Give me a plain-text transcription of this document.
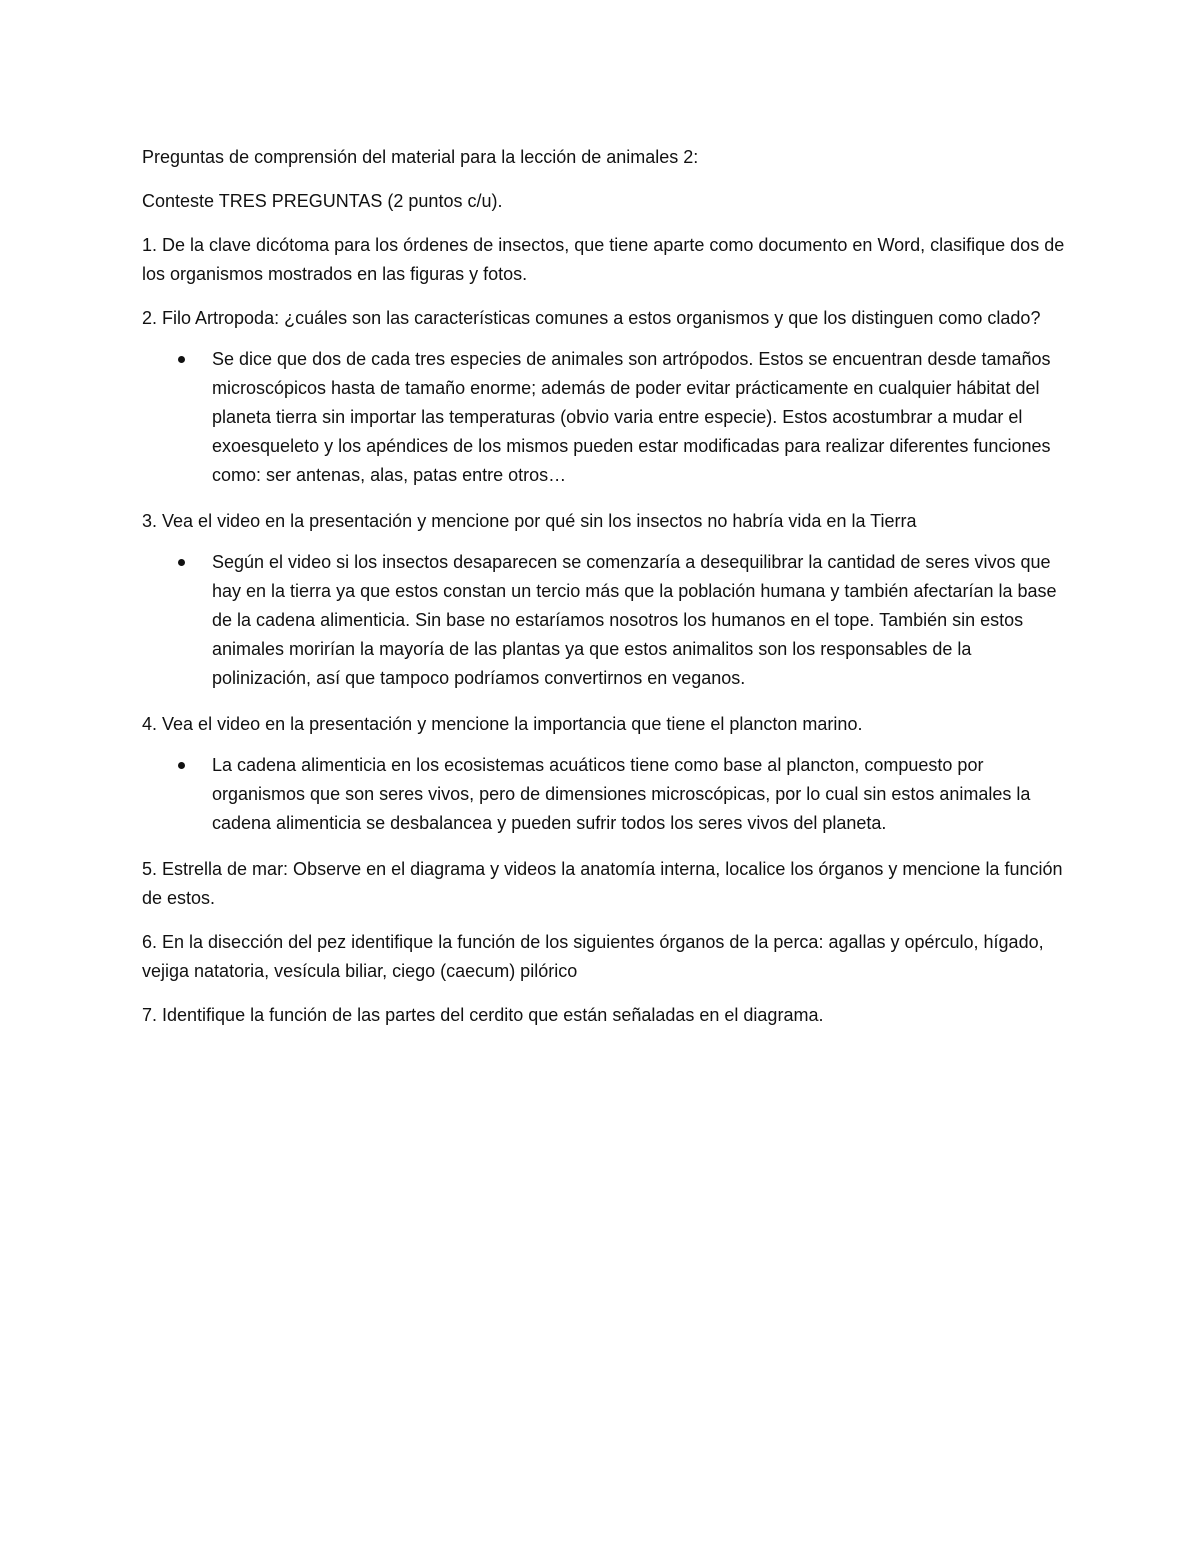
Preguntas de comprensión del material para la lección de animales 2:

Conteste TRES PREGUNTAS (2 puntos c/u).

1. De la clave dicótoma para los órdenes de insectos, que tiene aparte como documento en Word, clasifique dos de los organismos mostrados en las figuras y fotos.

2. Filo Artropoda: ¿cuáles son las características comunes a estos organismos y que los distinguen como clado?

Se dice que dos de cada tres especies de animales son artrópodos. Estos se encuentran desde tamaños microscópicos hasta de tamaño enorme; además de poder evitar prácticamente en cualquier hábitat del planeta tierra sin importar las temperaturas (obvio varia entre especie). Estos acostumbrar a mudar el exoesqueleto y los apéndices de los mismos pueden estar modificadas para realizar diferentes funciones como: ser antenas, alas, patas entre otros…

3. Vea el video en la presentación y mencione por qué sin los insectos no habría vida en la Tierra

Según el video si los insectos desaparecen se comenzaría a desequilibrar la cantidad de seres vivos que hay en la tierra ya que estos constan un tercio más que la población humana y también afectarían la base de la cadena alimenticia. Sin base no estaríamos nosotros los humanos en el tope. También sin estos animales morirían la mayoría de las plantas ya que estos animalitos son los responsables de la polinización, así que tampoco podríamos convertirnos en veganos.

4. Vea el video en la presentación y mencione la importancia que tiene el plancton marino.

La cadena alimenticia en los ecosistemas acuáticos tiene como base al plancton, compuesto por organismos que son seres vivos, pero de dimensiones microscópicas, por lo cual sin estos animales la cadena alimenticia se desbalancea y pueden sufrir todos los seres vivos del planeta.

5. Estrella de mar: Observe en el diagrama y videos la anatomía interna, localice los órganos y mencione la función de estos.

6. En la disección del pez identifique la función de los siguientes órganos de la perca: agallas y opérculo, hígado, vejiga natatoria, vesícula biliar, ciego (caecum) pilórico

7. Identifique la función de las partes del cerdito que están señaladas en el diagrama.
